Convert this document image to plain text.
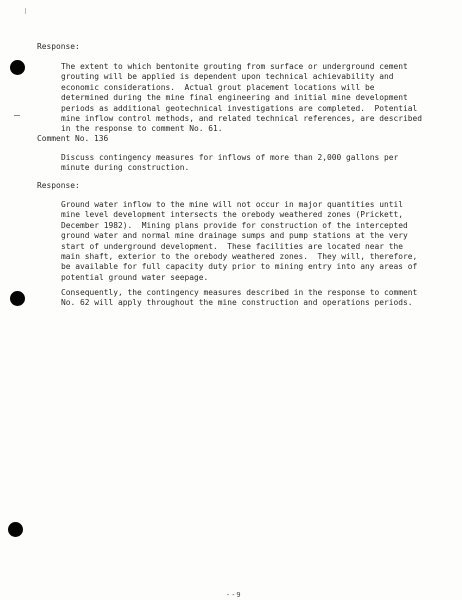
Response:
The extent to which bentonite grouting from surface or underground cement
grouting will be applied is dependent upon technical achievability and
economic considerations.  Actual grout placement locations will be
determined during the mine final engineering and initial mine development
periods as additional geotechnical investigations are completed.  Potential
mine inflow control methods, and related technical references, are described
in the response to comment No. 61.
Comment No. 136
Discuss contingency measures for inflows of more than 2,000 gallons per
minute during construction.
Response:
Ground water inflow to the mine will not occur in major quantities until
mine level development intersects the orebody weathered zones (Prickett,
December 1982).  Mining plans provide for construction of the intercepted
ground water and normal mine drainage sumps and pump stations at the very
start of underground development.  These facilities are located near the
main shaft, exterior to the orebody weathered zones.  They will, therefore,
be available for full capacity duty prior to mining entry into any areas of
potential ground water seepage.
Consequently, the contingency measures described in the response to comment
No. 62 will apply throughout the mine construction and operations periods.
--9
